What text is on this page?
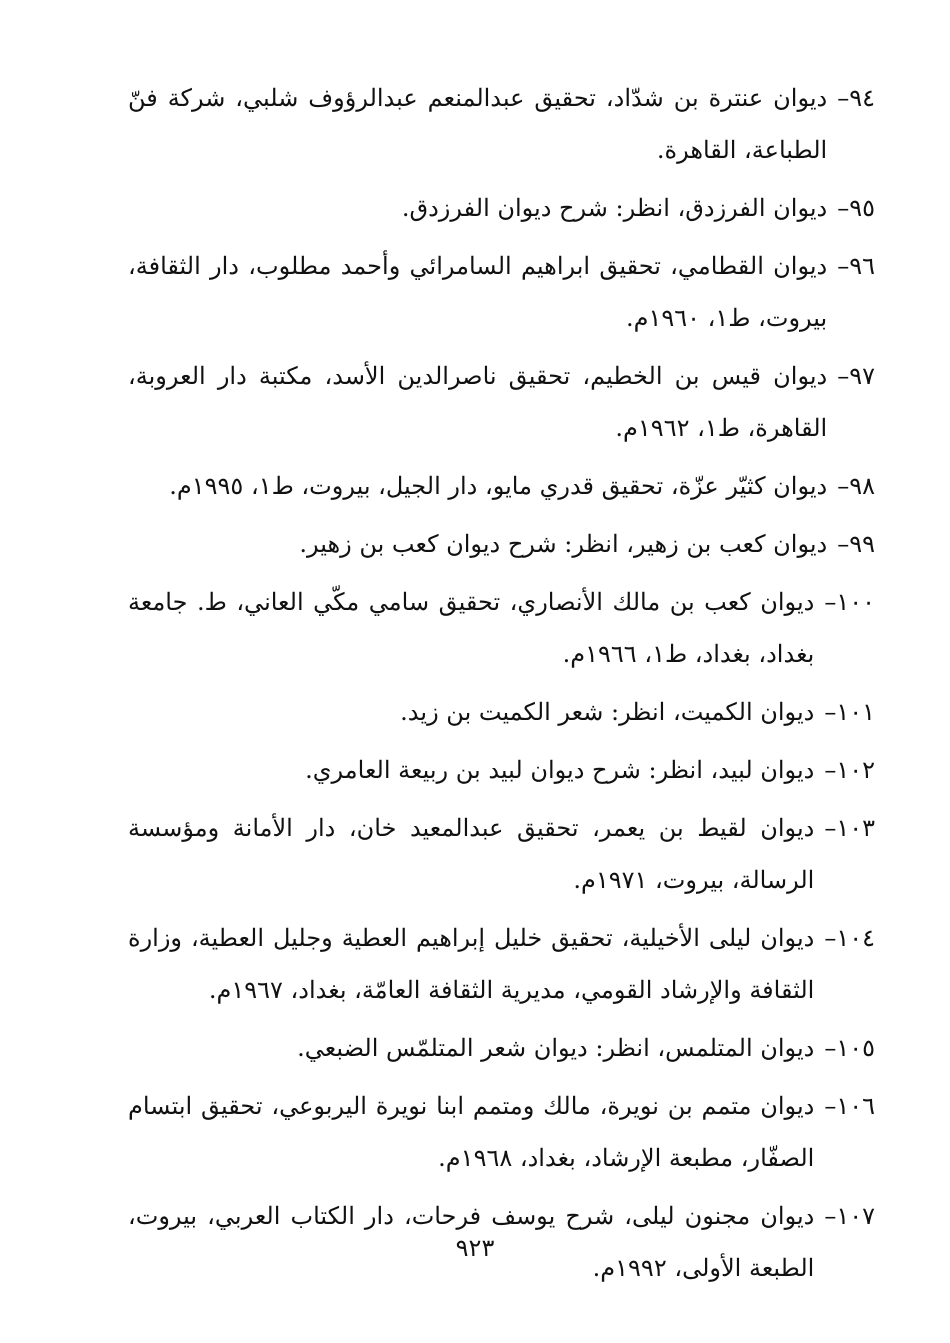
٩٤–
ديوان عنترة بن شدّاد، تحقيق عبدالمنعم عبدالرؤوف شلبي، شركة فنّ الطباعة، القاهرة.
٩٥–
ديوان الفرزدق، انظر: شرح ديوان الفرزدق.
٩٦–
ديوان القطامي، تحقيق ابراهيم السامرائي وأحمد مطلوب، دار الثقافة، بيروت، ط١، ١٩٦٠م.
٩٧–
ديوان قيس بن الخطيم، تحقيق ناصرالدين الأسد، مكتبة دار العروبة، القاهرة، ط١، ١٩٦٢م.
٩٨–
ديوان كثيّر عزّة، تحقيق قدري مايو، دار الجيل، بيروت، ط١، ١٩٩٥م.
٩٩–
ديوان كعب بن زهير، انظر: شرح ديوان كعب بن زهير.
١٠٠–
ديوان كعب بن مالك الأنصاري، تحقيق سامي مكّي العاني، ط. جامعة بغداد، بغداد، ط١، ١٩٦٦م.
١٠١–
ديوان الكميت، انظر: شعر الكميت بن زيد.
١٠٢–
ديوان لبيد، انظر: شرح ديوان لبيد بن ربيعة العامري.
١٠٣–
ديوان لقيط بن يعمر، تحقيق عبدالمعيد خان، دار الأمانة ومؤسسة الرسالة، بيروت، ١٩٧١م.
١٠٤–
ديوان ليلى الأخيلية، تحقيق خليل إبراهيم العطية وجليل العطية، وزارة الثقافة والإرشاد القومي، مديرية الثقافة العامّة، بغداد، ١٩٦٧م.
١٠٥–
ديوان المتلمس، انظر: ديوان شعر المتلمّس الضبعي.
١٠٦–
ديوان متمم بن نويرة، مالك ومتمم ابنا نويرة اليربوعي، تحقيق ابتسام الصفّار، مطبعة الإرشاد، بغداد، ١٩٦٨م.
١٠٧–
ديوان مجنون ليلى، شرح يوسف فرحات، دار الكتاب العربي، بيروت، الطبعة الأولى، ١٩٩٢م.
٩٢٣
